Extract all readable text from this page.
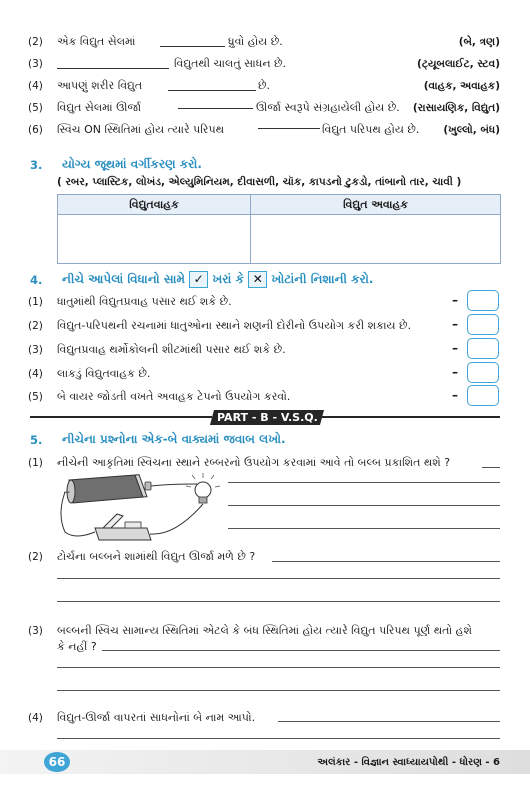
(2) એક વિદ્યુત સેલમાં	ધ્રુવો હોય છે.	(બે, ત્રણ)
(3)	વિદ્યુતથી ચાલતું સાધન છે.	(ટ્યૂબલાઈટ, સ્ટવ)
(4) આપણું શરીર વિદ્યુત	છે.	(વાહક, અવાહક)
(5) વિદ્યુત સેલમાં ઊર્જા	ઊર્જા સ્વરૂપે સંગ્રહાયેલી હોય છે. (રાસાયણિક, વિદ્યુત)
(6) સ્વિચ ON સ્થિતિમાં હોય ત્યારે પરિપથ	વિદ્યુત પરિપથ હોય છે. (ખુલ્લો, બંધ)
3. યોગ્ય જૂથમાં વર્ગીકરણ કરો.
( રબર, પ્લાસ્ટિક, લોખંડ, એલ્યુમિનિયમ, દીવાસળી, ચૉક, કાપડનો ટુકડો, તાંબાનો તાર, ચાવી )
વિદ્યુતવાહક	વિદ્યુત અવાહક

4. નીચે આપેલાં વિધાનો સામે ✓ ખરાં કે ✕ ખોટાંની નિશાની કરો.
(1) ધાતુમાંથી વિદ્યુતપ્રવાહ પસાર થઈ શકે છે.	–
(2) વિદ્યુત-પરિપથની રચનામાં ધાતુઓના સ્થાને શણની દોરીનો ઉપયોગ કરી શકાય છે.	–
(3) વિદ્યુતપ્રવાહ થર્મોકોલની શીટમાંથી પસાર થઈ શકે છે.	–
(4) લાકડું વિદ્યુતવાહક છે.	–
(5) બે વાયર જોડતી વખતે અવાહક ટેપનો ઉપયોગ કરવો.	–
PART - B - V.S.Q.
5. નીચેના પ્રશ્નોના એક-બે વાક્યમાં જવાબ લખો.
(1) નીચેની આકૃતિમાં સ્વિચના સ્થાને રબ્બરનો ઉપયોગ કરવામાં આવે તો બલ્બ પ્રકાશિત થશે ?
−
(2) ટોર્ચના બલ્બને શામાંથી વિદ્યુત ઊર્જા મળે છે ?
(3) બલ્બની સ્વિચ સામાન્ય સ્થિતિમાં એટલે કે બંધ સ્થિતિમાં હોય ત્યારે વિદ્યુત પરિપથ પૂર્ણ થતો હશે
કે નહીં ?
(4) વિદ્યુત-ઊર્જા વાપરતાં સાધનોનાં બે નામ આપો.
66	અલંકાર - વિજ્ઞાન સ્વાધ્યાયપોથી - ધોરણ - 6
